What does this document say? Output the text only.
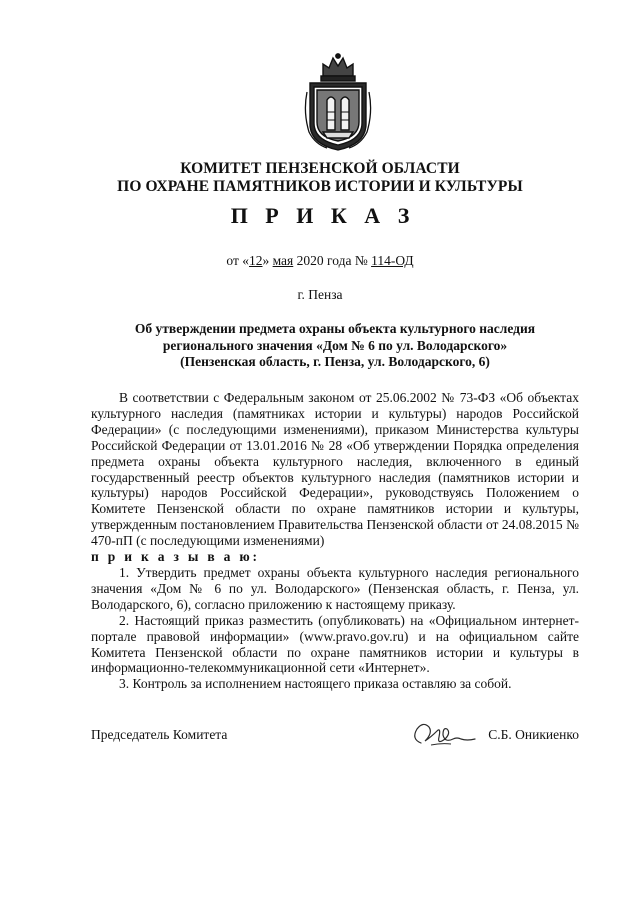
КОМИТЕТ ПЕНЗЕНСКОЙ ОБЛАСТИ
ПО ОХРАНЕ ПАМЯТНИКОВ ИСТОРИИ И КУЛЬТУРЫ
П Р И К А З
от «12» мая 2020 года № 114-ОД
г. Пенза
Об утверждении предмета охраны объекта культурного наследия
регионального значения «Дом № 6 по ул. Володарского»
(Пензенская область, г. Пенза, ул. Володарского, 6)

В соответствии с Федеральным законом от 25.06.2002 № 73-ФЗ «Об объектах культурного наследия (памятниках истории и культуры) народов Российской Федерации» (с последующими изменениями), приказом Министерства культуры Российской Федерации от 13.01.2016 № 28 «Об утверждении Порядка определения предмета охраны объекта культурного наследия, включенного в единый государственный реестр объектов культурного наследия (памятников истории и культуры) народов Российской Федерации», руководствуясь Положением о Комитете Пензенской области по охране памятников истории и культуры, утвержденным постановлением Правительства Пензенской области от 24.08.2015 № 470-пП (с последующими изменениями)

п р и к а з ы в а ю:

1. Утвердить предмет охраны объекта культурного наследия регионального значения «Дом № 6 по ул. Володарского» (Пензенская область, г. Пенза, ул. Володарского, 6), согласно приложению к настоящему приказу.

2. Настоящий приказ разместить (опубликовать) на «Официальном интернет-портале правовой информации» (www.pravo.gov.ru) и на официальном сайте Комитета Пензенской области по охране памятников истории и культуры в информационно-телекоммуникационной сети «Интернет».

3. Контроль за исполнением настоящего приказа оставляю за собой.

Председатель Комитета	С.Б. Оникиенко
